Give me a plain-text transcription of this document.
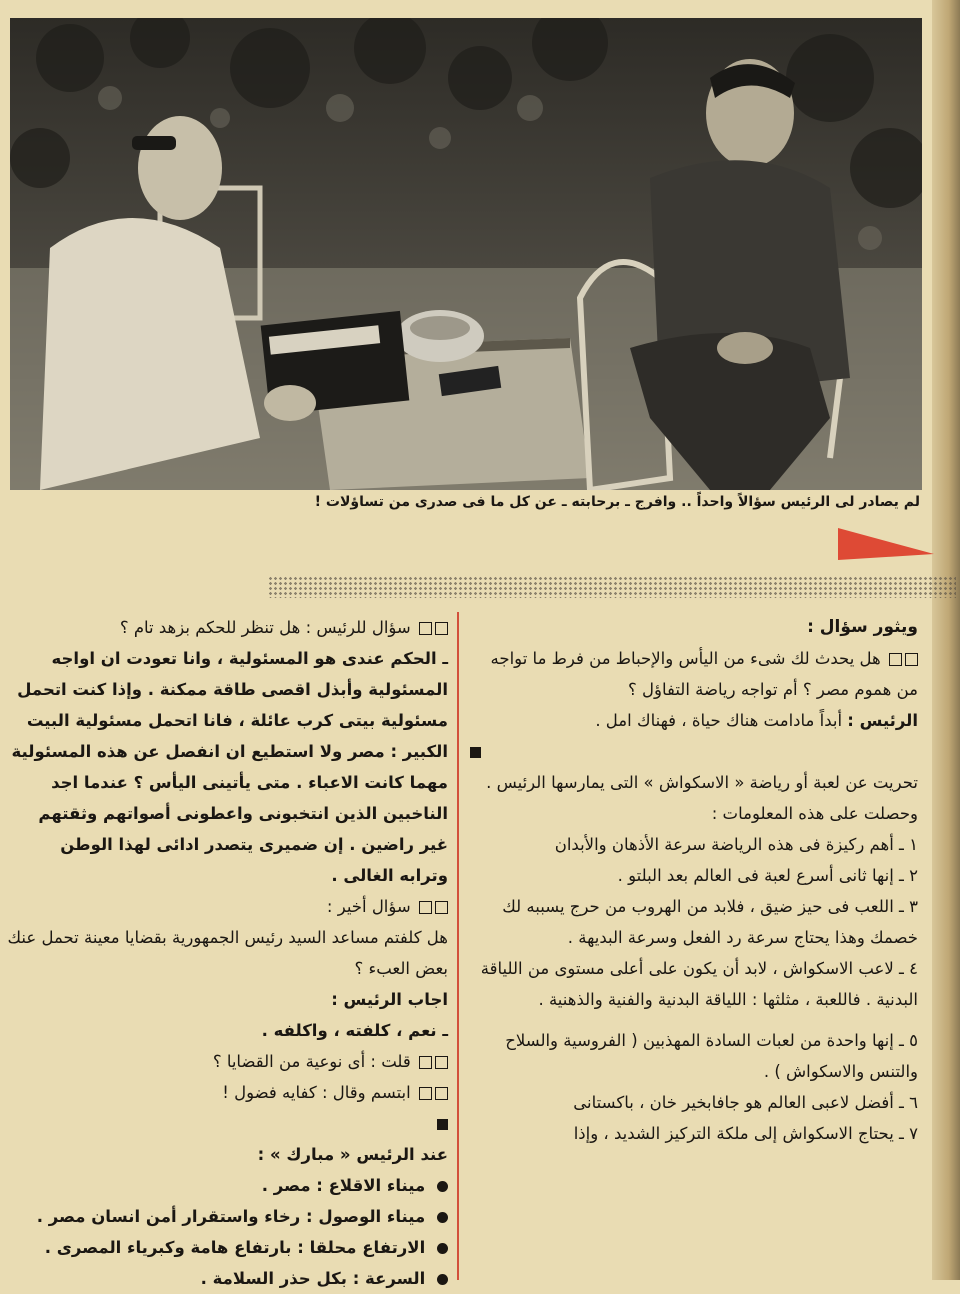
لم يصادر لى الرئيس سؤالاً واحداً .. وافرج ـ برحابته ـ عن كل ما فى صدرى من تساؤلات !

ويثور سؤال :

هل يحدث لك شىء من اليأس والإحباط من فرط ما تواجه من هموم مصر ؟ أم تواجه رياضة التفاؤل ؟

الرئيس : أبداً مادامت هناك حياة ، فهناك امل .

تحريت عن لعبة أو رياضة « الاسكواش » التى يمارسها الرئيس . وحصلت على هذه المعلومات :

١ ـ أهم ركيزة فى هذه الرياضة سرعة الأذهان والأبدان

٢ ـ إنها ثانى أسرع لعبة فى العالم بعد البلتو .

٣ ـ اللعب فى حيز ضيق ، فلابد من الهروب من حرج يسببه لك خصمك وهذا يحتاج سرعة رد الفعل وسرعة البديهة .

٤ ـ لاعب الاسكواش ، لابد أن يكون على أعلى مستوى من اللياقة البدنية . فاللعبة ، مثلثها : اللياقة البدنية والفنية والذهنية .

٥ ـ إنها واحدة من لعبات السادة المهذبين ( الفروسية والسلاح والتنس والاسكواش ) .

٦ ـ أفضل لاعبى العالم هو جافابخير خان ، باكستانى

٧ ـ يحتاج الاسكواش إلى ملكة التركيز الشديد ، وإذا

سؤال للرئيس : هل تنظر للحكم بزهد تام ؟

ـ الحكم عندى هو المسئولية ، وانا تعودت ان اواجه المسئولية وأبذل اقصى طاقة ممكنة . وإذا كنت اتحمل مسئولية بيتى كرب عائلة ، فانا اتحمل مسئولية البيت الكبير : مصر ولا استطيع ان انفصل عن هذه المسئولية مهما كانت الاعباء . متى يأتينى اليأس ؟ عندما اجد الناخبين الذين انتخبونى واعطونى أصواتهم وثقتهم غير راضين . إن ضميرى يتصدر ادائى لهذا الوطن وترابه الغالى .

سؤال أخير :

هل كلفتم مساعد السيد رئيس الجمهورية بقضايا معينة تحمل عنك بعض العبء ؟

اجاب الرئيس :

ـ نعم ، كلفته ، واكلفه .

قلت : أى نوعية من القضايا ؟

ابتسم وقال : كفايه فضول !

عند الرئيس « مبارك » :

ميناء الاقلاع : مصر .

ميناء الوصول : رخاء واستقرار أمن انسان مصر .

الارتفاع محلقا : بارتفاع هامة وكبرياء المصرى .

السرعة : بكل حذر السلامة .
